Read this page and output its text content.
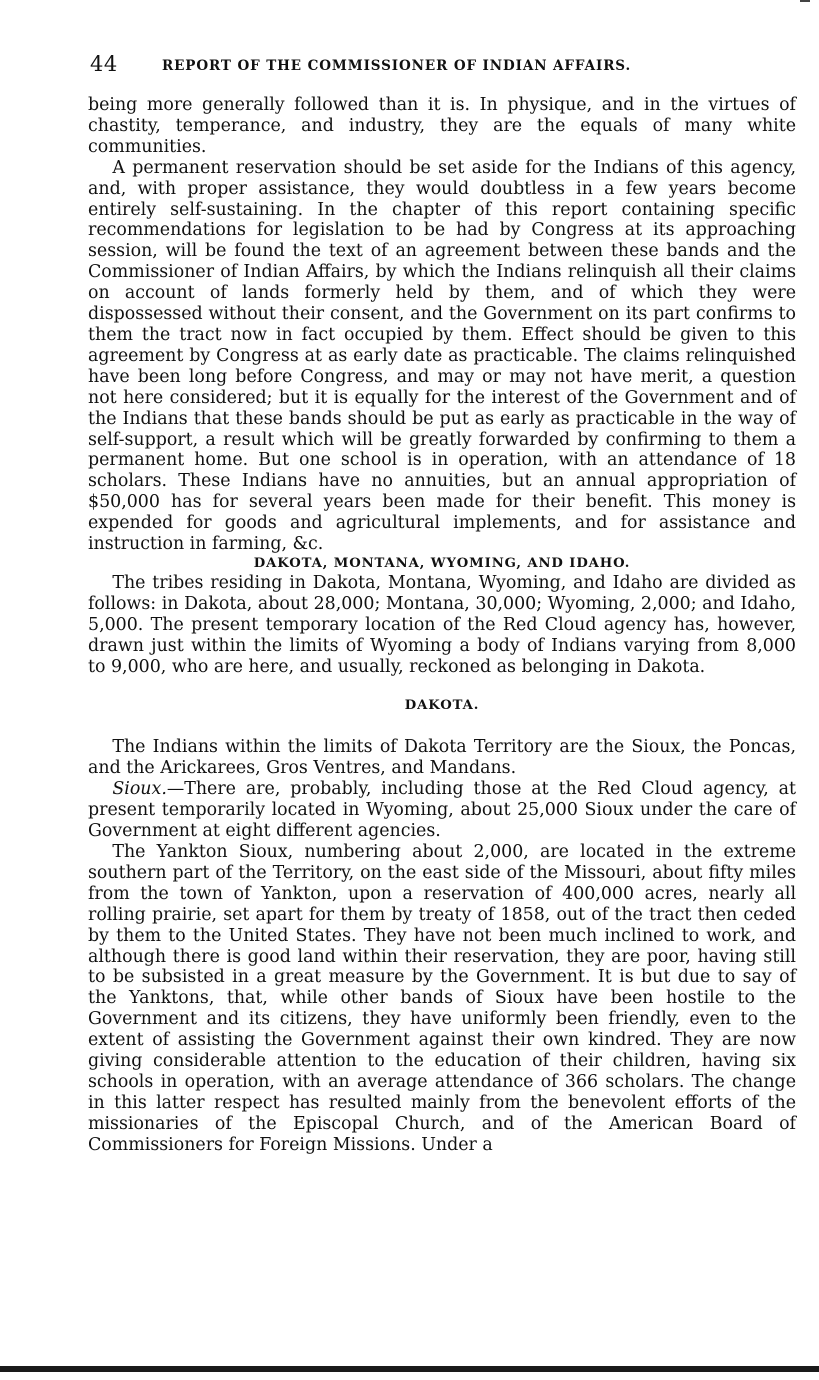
44	REPORT OF THE COMMISSIONER OF INDIAN AFFAIRS.

being more generally followed than it is. In physique, and in the virtues of chastity, temperance, and industry, they are the equals of many white communities.

A permanent reservation should be set aside for the Indians of this agency, and, with proper assistance, they would doubtless in a few years become entirely self-sustaining. In the chapter of this report containing specific recommendations for legislation to be had by Congress at its approaching session, will be found the text of an agreement between these bands and the Commissioner of Indian Affairs, by which the Indians relinquish all their claims on account of lands formerly held by them, and of which they were dispossessed without their consent, and the Government on its part confirms to them the tract now in fact occupied by them. Effect should be given to this agreement by Congress at as early date as practicable. The claims relinquished have been long before Congress, and may or may not have merit, a question not here considered; but it is equally for the interest of the Government and of the Indians that these bands should be put as early as practicable in the way of self-support, a result which will be greatly forwarded by confirming to them a permanent home. But one school is in operation, with an attendance of 18 scholars. These Indians have no annuities, but an annual appropriation of $50,000 has for several years been made for their benefit. This money is expended for goods and agricultural implements, and for assistance and instruction in farming, &c.

DAKOTA, MONTANA, WYOMING, AND IDAHO.

The tribes residing in Dakota, Montana, Wyoming, and Idaho are divided as follows: in Dakota, about 28,000; Montana, 30,000; Wyoming, 2,000; and Idaho, 5,000. The present temporary location of the Red Cloud agency has, however, drawn just within the limits of Wyoming a body of Indians varying from 8,000 to 9,000, who are here, and usually, reckoned as belonging in Dakota.

DAKOTA.

The Indians within the limits of Dakota Territory are the Sioux, the Poncas, and the Arickarees, Gros Ventres, and Mandans.

Sioux.—There are, probably, including those at the Red Cloud agency, at present temporarily located in Wyoming, about 25,000 Sioux under the care of Government at eight different agencies.

The Yankton Sioux, numbering about 2,000, are located in the extreme southern part of the Territory, on the east side of the Missouri, about fifty miles from the town of Yankton, upon a reservation of 400,000 acres, nearly all rolling prairie, set apart for them by treaty of 1858, out of the tract then ceded by them to the United States. They have not been much inclined to work, and although there is good land within their reservation, they are poor, having still to be subsisted in a great measure by the Government. It is but due to say of the Yanktons, that, while other bands of Sioux have been hostile to the Government and its citizens, they have uniformly been friendly, even to the extent of assisting the Government against their own kindred. They are now giving considerable attention to the education of their children, having six schools in operation, with an average attendance of 366 scholars. The change in this latter respect has resulted mainly from the benevolent efforts of the missionaries of the Episcopal Church, and of the American Board of Commissioners for Foreign Missions. Under a
